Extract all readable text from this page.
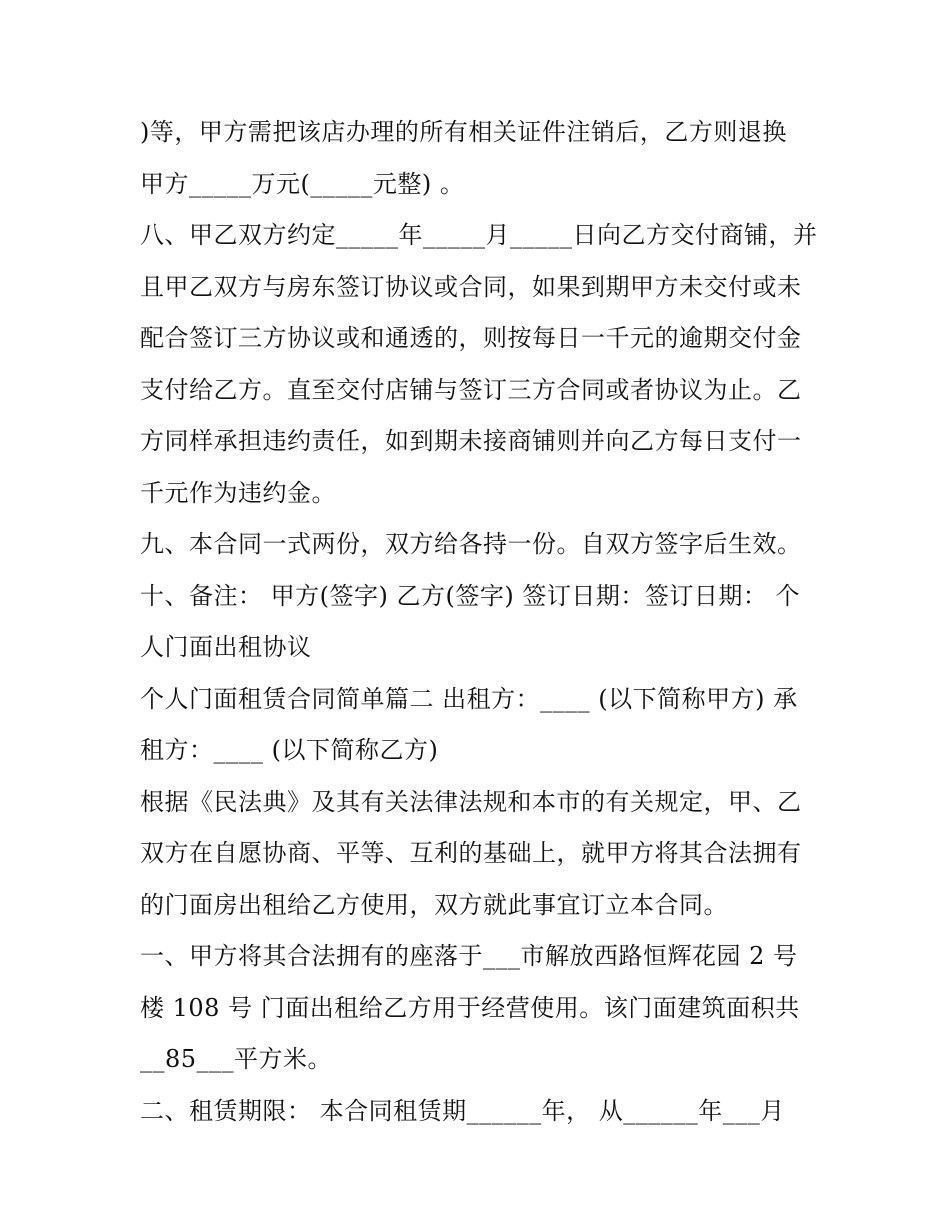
)等，甲方需把该店办理的所有相关证件注销后，乙方则退换
甲方_____万元(_____元整) 。
八、甲乙双方约定_____年_____月_____日向乙方交付商铺，并
且甲乙双方与房东签订协议或合同，如果到期甲方未交付或未
配合签订三方协议或和通透的，则按每日一千元的逾期交付金
支付给乙方。直至交付店铺与签订三方合同或者协议为止。乙
方同样承担违约责任，如到期未接商铺则并向乙方每日支付一
千元作为违约金。
九、本合同一式两份，双方给各持一份。自双方签字后生效。
十、备注： 甲方(签字) 乙方(签字) 签订日期：签订日期： 个
人门面出租协议
个人门面租赁合同简单篇二 出租方：____ (以下简称甲方) 承
租方：____ (以下简称乙方)
根据《民法典》及其有关法律法规和本市的有关规定，甲、乙
双方在自愿协商、平等、互利的基础上，就甲方将其合法拥有
的门面房出租给乙方使用，双方就此事宜订立本合同。
一、甲方将其合法拥有的座落于___市解放西路恒辉花园 2 号
楼 108 号 门面出租给乙方用于经营使用。该门面建筑面积共
__85___平方米。
二、租赁期限： 本合同租赁期______年， 从______年___月
